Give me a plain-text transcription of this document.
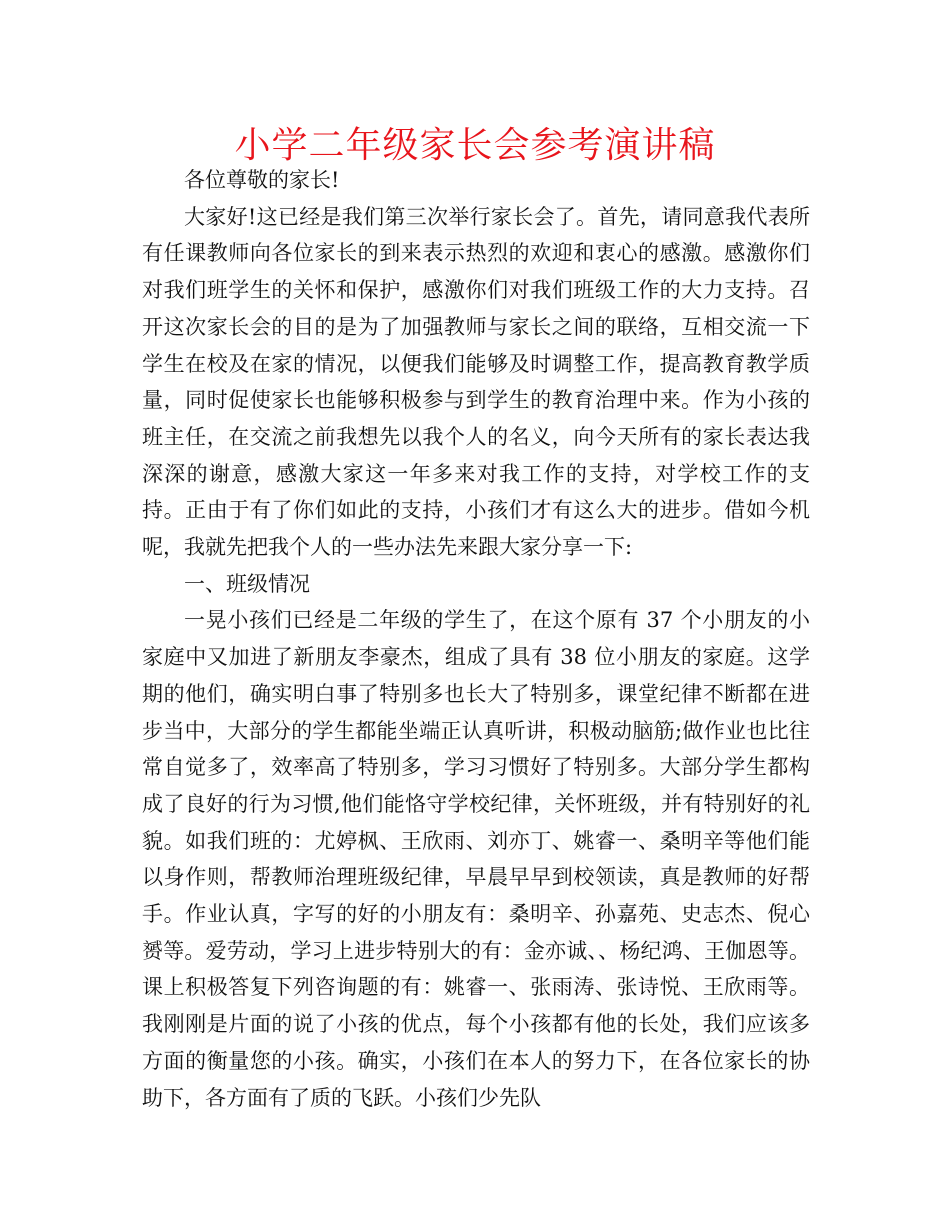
小学二年级家长会参考演讲稿

各位尊敬的家长!

大家好!这已经是我们第三次举行家长会了。首先，请同意我代表所有任课教师向各位家长的到来表示热烈的欢迎和衷心的感激。感激你们对我们班学生的关怀和保护，感激你们对我们班级工作的大力支持。召开这次家长会的目的是为了加强教师与家长之间的联络，互相交流一下学生在校及在家的情况，以便我们能够及时调整工作，提高教育教学质量，同时促使家长也能够积极参与到学生的教育治理中来。作为小孩的班主任，在交流之前我想先以我个人的名义，向今天所有的家长表达我深深的谢意，感激大家这一年多来对我工作的支持，对学校工作的支持。正由于有了你们如此的支持，小孩们才有这么大的进步。借如今机呢，我就先把我个人的一些办法先来跟大家分享一下:

一、班级情况

一晃小孩们已经是二年级的学生了，在这个原有 37 个小朋友的小家庭中又加进了新朋友李豪杰，组成了具有 38 位小朋友的家庭。这学期的他们，确实明白事了特别多也长大了特别多，课堂纪律不断都在进步当中，大部分的学生都能坐端正认真听讲，积极动脑筋;做作业也比往常自觉多了，效率高了特别多，学习习惯好了特别多。大部分学生都构成了良好的行为习惯,他们能恪守学校纪律，关怀班级，并有特别好的礼貌。如我们班的：尤婷枫、王欣雨、刘亦丁、姚睿一、桑明辛等他们能以身作则，帮教师治理班级纪律，早晨早早到校领读，真是教师的好帮手。作业认真，字写的好的小朋友有：桑明辛、孙嘉苑、史志杰、倪心赟等。爱劳动，学习上进步特别大的有：金亦诚、、杨纪鸿、王伽恩等。课上积极答复下列咨询题的有：姚睿一、张雨涛、张诗悦、王欣雨等。我刚刚是片面的说了小孩的优点，每个小孩都有他的长处，我们应该多方面的衡量您的小孩。确实，小孩们在本人的努力下，在各位家长的协助下，各方面有了质的飞跃。小孩们少先队
